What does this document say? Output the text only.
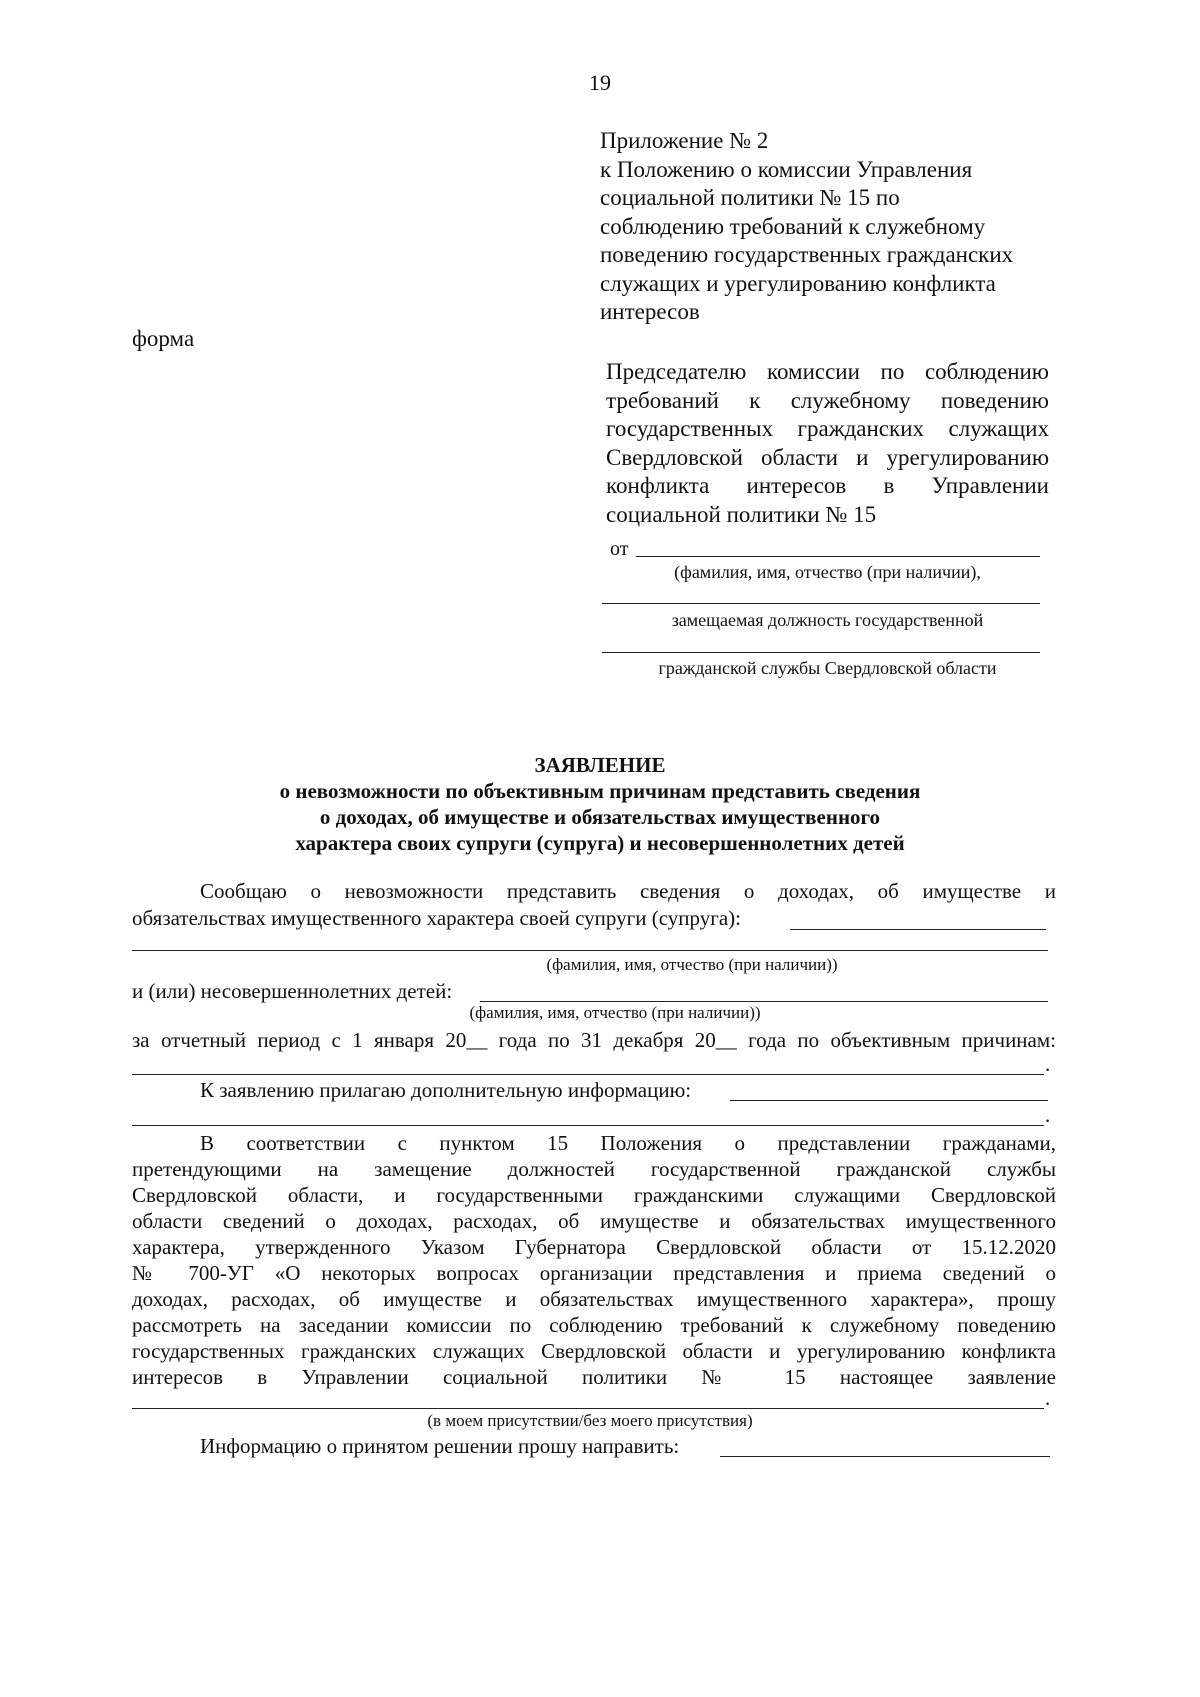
19
Приложение № 2
к Положению о комиссии Управления
социальной политики № 15 по
соблюдению требований к служебному
поведению государственных гражданских
служащих и урегулированию конфликта
интересов
форма
Председателю комиссии по соблюдению требований к служебному поведению государственных гражданских служащих Свердловской области и урегулированию конфликта интересов в Управлении социальной политики № 15
от
(фамилия, имя, отчество (при наличии),
замещаемая должность государственной
гражданской службы Свердловской области
ЗАЯВЛЕНИЕ
о невозможности по объективным причинам представить сведения
о доходах, об имуществе и обязательствах имущественного
характера своих супруги (супруга) и несовершеннолетних детей
Сообщаю о невозможности представить сведения о доходах, об имуществе и
обязательствах имущественного характера своей супруги (супруга):
(фамилия, имя, отчество (при наличии))
и (или) несовершеннолетних детей:
(фамилия, имя, отчество (при наличии))
за отчетный период с 1 января 20__ года по 31 декабря 20__ года по объективным причинам:
.
К заявлению прилагаю дополнительную информацию:
.
В соответствии с пунктом 15 Положения о представлении гражданами,
претендующими на замещение должностей государственной гражданской службы
Свердловской области, и государственными гражданскими служащими Свердловской
области сведений о доходах, расходах, об имуществе и обязательствах имущественного
характера, утвержденного Указом Губернатора Свердловской области от 15.12.2020
№ 700-УГ «О некоторых вопросах организации представления и приема сведений о
доходах, расходах, об имуществе и обязательствах имущественного характера», прошу
рассмотреть на заседании комиссии по соблюдению требований к служебному поведению
государственных гражданских служащих Свердловской области и урегулированию конфликта
интересов в Управлении социальной политики № 15 настоящее заявление
.
(в моем присутствии/без моего присутствия)
Информацию о принятом решении прошу направить:
